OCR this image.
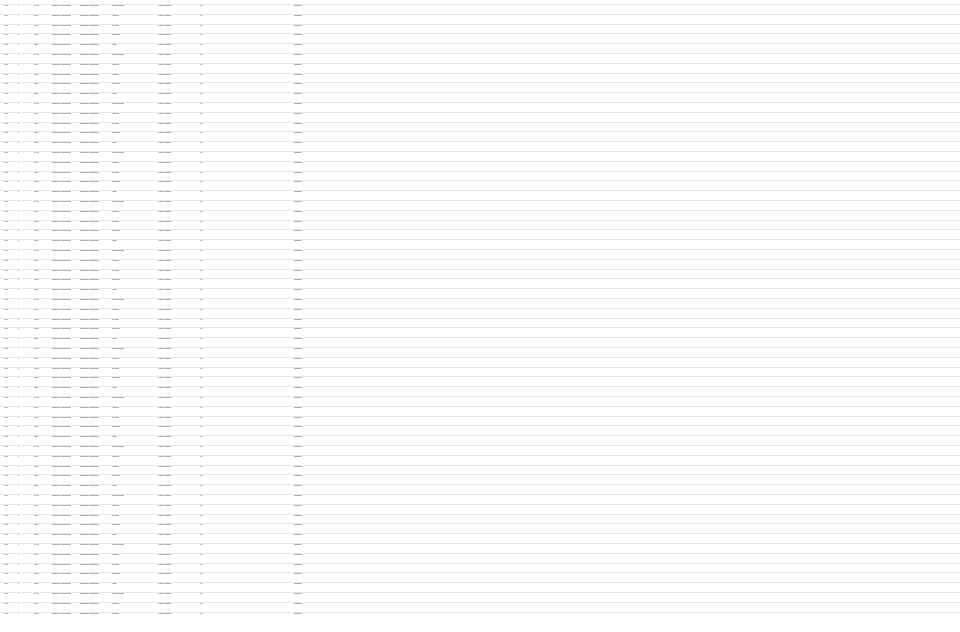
Pest	1	9794	Működő vállalkozás	Működő vállalkozás	Kisvendéglő	2040 Budaörs	23/	Budaörs
Pest	2	9811	Működő vállalkozás	Működő vállalkozás	Lottózó	2040 Budaörs	23/	Budaörs
Pest	3	9828	Működő vállalkozás	Működő vállalkozás	Kávézó	2040 Budaörs	23/	Budaörs
Pest	4	9845	Működő vállalkozás	Működő vállalkozás	Étterem	2040 Budaörs	23/	Budaörs
Pest	5	9862	Működő vállalkozás	Működő vállalkozás	Üzlet	2040 Budaörs	23/	Budaörs
Pest	1	9794	Működő vállalkozás	Működő vállalkozás	Kisvendéglő	2040 Budaörs	23/	Budaörs
Pest	2	9811	Működő vállalkozás	Működő vállalkozás	Lottózó	2040 Budaörs	23/	Budaörs
Pest	3	9828	Működő vállalkozás	Működő vállalkozás	Kávézó	2040 Budaörs	23/	Budaörs
Pest	4	9845	Működő vállalkozás	Működő vállalkozás	Étterem	2040 Budaörs	23/	Budaörs
Pest	5	9862	Működő vállalkozás	Működő vállalkozás	Üzlet	2040 Budaörs	23/	Budaörs
Pest	1	9794	Működő vállalkozás	Működő vállalkozás	Kisvendéglő	2040 Budaörs	23/	Budaörs
Pest	2	9811	Működő vállalkozás	Működő vállalkozás	Lottózó	2040 Budaörs	23/	Budaörs
Pest	3	9828	Működő vállalkozás	Működő vállalkozás	Kávézó	2040 Budaörs	23/	Budaörs
Pest	4	9845	Működő vállalkozás	Működő vállalkozás	Étterem	2040 Budaörs	23/	Budaörs
Pest	5	9862	Működő vállalkozás	Működő vállalkozás	Üzlet	2040 Budaörs	23/	Budaörs
Pest	1	9794	Működő vállalkozás	Működő vállalkozás	Kisvendéglő	2040 Budaörs	23/	Budaörs
Pest	2	9811	Működő vállalkozás	Működő vállalkozás	Lottózó	2040 Budaörs	23/	Budaörs
Pest	3	9828	Működő vállalkozás	Működő vállalkozás	Kávézó	2040 Budaörs	23/	Budaörs
Pest	4	9845	Működő vállalkozás	Működő vállalkozás	Étterem	2040 Budaörs	23/	Budaörs
Pest	5	9862	Működő vállalkozás	Működő vállalkozás	Üzlet	2040 Budaörs	23/	Budaörs
Pest	1	9794	Működő vállalkozás	Működő vállalkozás	Kisvendéglő	2040 Budaörs	23/	Budaörs
Pest	2	9811	Működő vállalkozás	Működő vállalkozás	Lottózó	2040 Budaörs	23/	Budaörs
Pest	3	9828	Működő vállalkozás	Működő vállalkozás	Kávézó	2040 Budaörs	23/	Budaörs
Pest	4	9845	Működő vállalkozás	Működő vállalkozás	Étterem	2040 Budaörs	23/	Budaörs
Pest	5	9862	Működő vállalkozás	Működő vállalkozás	Üzlet	2040 Budaörs	23/	Budaörs
Pest	1	9794	Működő vállalkozás	Működő vállalkozás	Kisvendéglő	2040 Budaörs	23/	Budaörs
Pest	2	9811	Működő vállalkozás	Működő vállalkozás	Lottózó	2040 Budaörs	23/	Budaörs
Pest	3	9828	Működő vállalkozás	Működő vállalkozás	Kávézó	2040 Budaörs	23/	Budaörs
Pest	4	9845	Működő vállalkozás	Működő vállalkozás	Étterem	2040 Budaörs	23/	Budaörs
Pest	5	9862	Működő vállalkozás	Működő vállalkozás	Üzlet	2040 Budaörs	23/	Budaörs
Pest	1	9794	Működő vállalkozás	Működő vállalkozás	Kisvendéglő	2040 Budaörs	23/	Budaörs
Pest	2	9811	Működő vállalkozás	Működő vállalkozás	Lottózó	2040 Budaörs	23/	Budaörs
Pest	3	9828	Működő vállalkozás	Működő vállalkozás	Kávézó	2040 Budaörs	23/	Budaörs
Pest	4	9845	Működő vállalkozás	Működő vállalkozás	Étterem	2040 Budaörs	23/	Budaörs
Pest	5	9862	Működő vállalkozás	Működő vállalkozás	Üzlet	2040 Budaörs	23/	Budaörs
Pest	1	9794	Működő vállalkozás	Működő vállalkozás	Kisvendéglő	2040 Budaörs	23/	Budaörs
Pest	2	9811	Működő vállalkozás	Működő vállalkozás	Lottózó	2040 Budaörs	23/	Budaörs
Pest	3	9828	Működő vállalkozás	Működő vállalkozás	Kávézó	2040 Budaörs	23/	Budaörs
Pest	4	9845	Működő vállalkozás	Működő vállalkozás	Étterem	2040 Budaörs	23/	Budaörs
Pest	5	9862	Működő vállalkozás	Működő vállalkozás	Üzlet	2040 Budaörs	23/	Budaörs
Pest	1	9794	Működő vállalkozás	Működő vállalkozás	Kisvendéglő	2040 Budaörs	23/	Budaörs
Pest	2	9811	Működő vállalkozás	Működő vállalkozás	Lottózó	2040 Budaörs	23/	Budaörs
Pest	3	9828	Működő vállalkozás	Működő vállalkozás	Kávézó	2040 Budaörs	23/	Budaörs
Pest	4	9845	Működő vállalkozás	Működő vállalkozás	Étterem	2040 Budaörs	23/	Budaörs
Pest	5	9862	Működő vállalkozás	Működő vállalkozás	Üzlet	2040 Budaörs	23/	Budaörs
Pest	1	9794	Működő vállalkozás	Működő vállalkozás	Kisvendéglő	2040 Budaörs	23/	Budaörs
Pest	2	9811	Működő vállalkozás	Működő vállalkozás	Lottózó	2040 Budaörs	23/	Budaörs
Pest	3	9828	Működő vállalkozás	Működő vállalkozás	Kávézó	2040 Budaörs	23/	Budaörs
Pest	4	9845	Működő vállalkozás	Működő vállalkozás	Étterem	2040 Budaörs	23/	Budaörs
Pest	5	9862	Működő vállalkozás	Működő vállalkozás	Üzlet	2040 Budaörs	23/	Budaörs
Pest	1	9794	Működő vállalkozás	Működő vállalkozás	Kisvendéglő	2040 Budaörs	23/	Budaörs
Pest	2	9811	Működő vállalkozás	Működő vállalkozás	Lottózó	2040 Budaörs	23/	Budaörs
Pest	3	9828	Működő vállalkozás	Működő vállalkozás	Kávézó	2040 Budaörs	23/	Budaörs
Pest	4	9845	Működő vállalkozás	Működő vállalkozás	Étterem	2040 Budaörs	23/	Budaörs
Pest	5	9862	Működő vállalkozás	Működő vállalkozás	Üzlet	2040 Budaörs	23/	Budaörs
Pest	1	9794	Működő vállalkozás	Működő vállalkozás	Kisvendéglő	2040 Budaörs	23/	Budaörs
Pest	2	9811	Működő vállalkozás	Működő vállalkozás	Lottózó	2040 Budaörs	23/	Budaörs
Pest	3	9828	Működő vállalkozás	Működő vállalkozás	Kávézó	2040 Budaörs	23/	Budaörs
Pest	4	9845	Működő vállalkozás	Működő vállalkozás	Étterem	2040 Budaörs	23/	Budaörs
Pest	5	9862	Működő vállalkozás	Működő vállalkozás	Üzlet	2040 Budaörs	23/	Budaörs
Pest	1	9794	Működő vállalkozás	Működő vállalkozás	Kisvendéglő	2040 Budaörs	23/	Budaörs
Pest	2	9811	Működő vállalkozás	Működő vállalkozás	Lottózó	2040 Budaörs	23/	Budaörs
Pest	3	9828	Működő vállalkozás	Működő vállalkozás	Kávézó	2040 Budaörs	23/	Budaörs
